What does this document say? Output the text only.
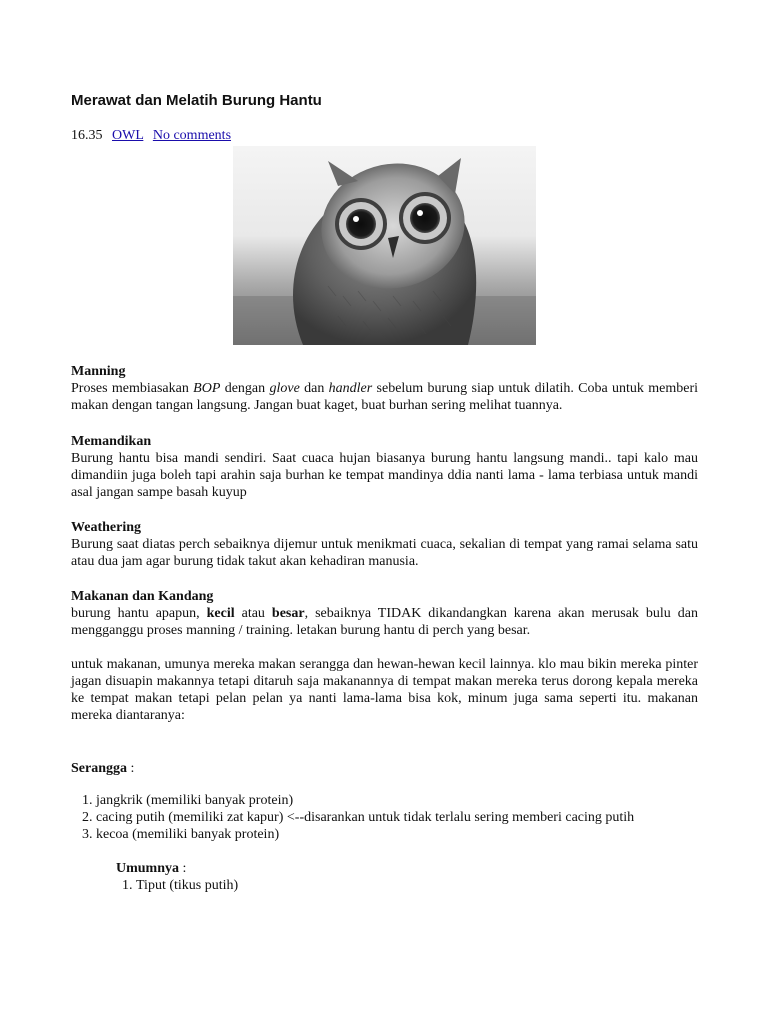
Merawat dan Melatih Burung Hantu
16.35 OWL No comments
Manning

Proses membiasakan BOP dengan glove dan handler sebelum burung siap untuk dilatih. Coba untuk memberi makan dengan tangan langsung. Jangan buat kaget, buat burhan sering melihat tuannya.

Memandikan

Burung hantu bisa mandi sendiri. Saat cuaca hujan biasanya burung hantu langsung mandi.. tapi kalo mau dimandiin juga boleh tapi arahin saja burhan ke tempat mandinya ddia nanti lama - lama terbiasa untuk mandi asal jangan sampe basah kuyup

Weathering

Burung saat diatas perch sebaiknya dijemur untuk menikmati cuaca, sekalian di tempat yang ramai selama satu atau dua jam agar burung tidak takut akan kehadiran manusia.

Makanan dan Kandang

burung hantu apapun, kecil atau besar, sebaiknya TIDAK dikandangkan karena akan merusak bulu dan mengganggu proses manning / training. letakan burung hantu di perch yang besar.

untuk makanan, umunya mereka makan serangga dan hewan-hewan kecil lainnya. klo mau bikin mereka pinter jagan disuapin makannya tetapi ditaruh saja makanannya di tempat makan mereka terus dorong kepala mereka ke tempat makan tetapi pelan pelan ya nanti lama-lama bisa kok, minum juga sama seperti itu. makanan mereka diantaranya:

Serangga :
1. jangkrik (memiliki banyak protein)
2. cacing putih (memiliki zat kapur) <--disarankan untuk tidak terlalu sering memberi cacing putih
3. kecoa (memiliki banyak protein)
Umumnya :
1. Tiput (tikus putih)
